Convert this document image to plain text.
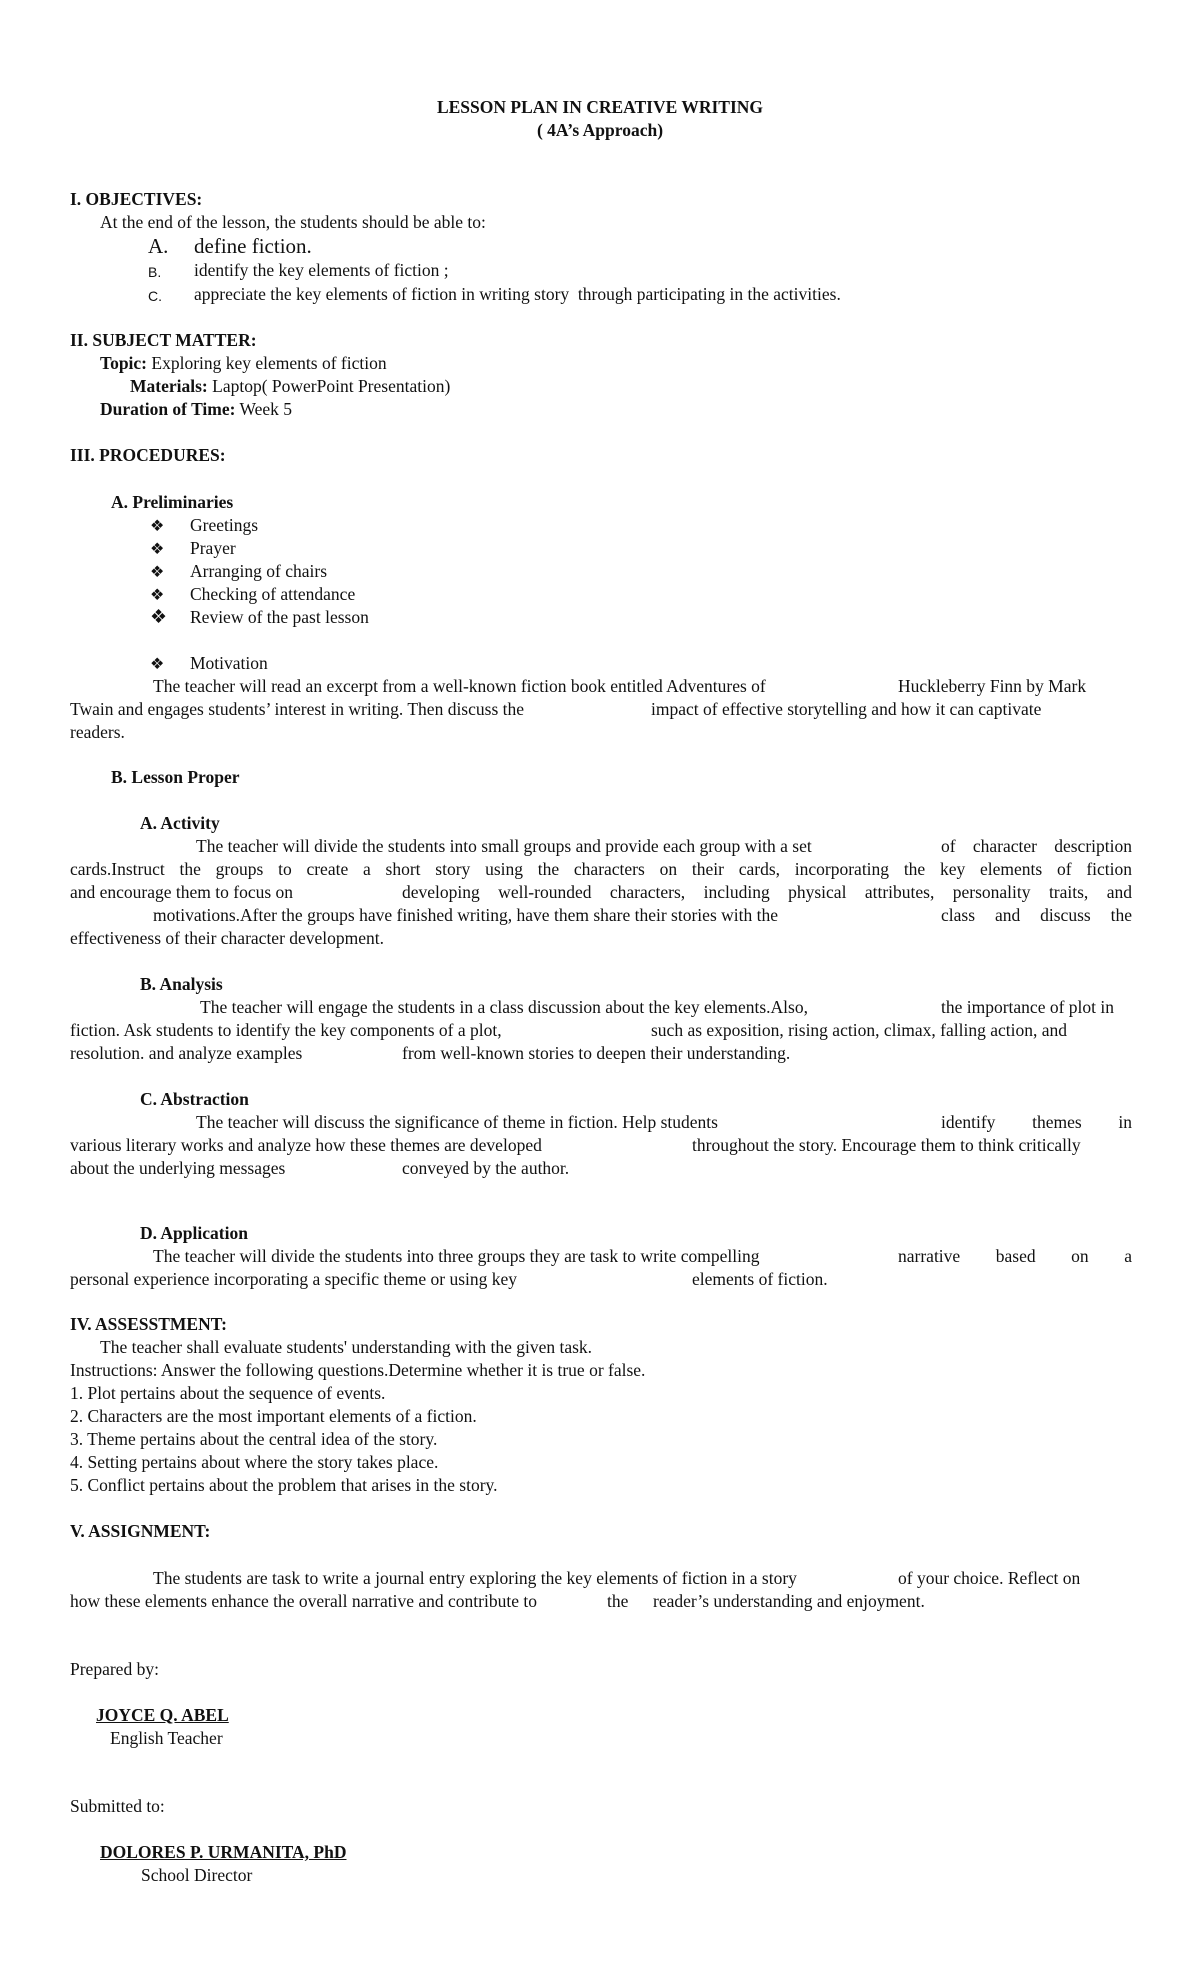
LESSON PLAN IN CREATIVE WRITING
( 4A’s Approach)
I. OBJECTIVES:
At the end of the lesson, the students should be able to:
A. define fiction.
B. identify the key elements of fiction ;
C. appreciate the key elements of fiction in writing story  through participating in the activities.
II. SUBJECT MATTER:
Topic: Exploring key elements of fiction
Materials: Laptop( PowerPoint Presentation)
Duration of Time: Week 5
III. PROCEDURES:
A. Preliminaries
❖ Greetings
❖ Prayer
❖ Arranging of chairs
❖ Checking of attendance
❖ Review of the past lesson
❖ Motivation
The teacher will read an excerpt from a well-known fiction book entitled Adventures of	Huckleberry Finn by Mark
Twain and engages students’ interest in writing. Then discuss the	impact of effective storytelling and how it can captivate
readers.
B. Lesson Proper
A. Activity
The teacher will divide the students into small groups and provide each group with a set	of character description
cards.Instruct the groups to create a short story using the characters on their cards, incorporating the key elements of fiction
and encourage them to focus on	developing well-rounded characters, including physical attributes, personality traits, and
motivations.After the groups have finished writing, have them share their stories with the	class and discuss the
effectiveness of their character development.
B. Analysis
The teacher will engage the students in a class discussion about the key elements.Also,	the importance of plot in
fiction. Ask students to identify the key components of a plot,	such as exposition, rising action, climax, falling action, and
resolution. and analyze examples	from well-known stories to deepen their understanding.
C. Abstraction
The teacher will discuss the significance of theme in fiction. Help students	identify themes in
various literary works and analyze how these themes are developed	throughout the story. Encourage them to think critically
about the underlying messages	conveyed by the author.
D. Application
The teacher will divide the students into three groups they are task to write compelling	narrative based on a
personal experience incorporating a specific theme or using key	elements of fiction.
IV. ASSESSTMENT:
The teacher shall evaluate students' understanding with the given task.
Instructions: Answer the following questions.Determine whether it is true or false.
1. Plot pertains about the sequence of events.
2. Characters are the most important elements of a fiction.
3. Theme pertains about the central idea of the story.
4. Setting pertains about where the story takes place.
5. Conflict pertains about the problem that arises in the story.
V. ASSIGNMENT:
The students are task to write a journal entry exploring the key elements of fiction in a story	of your choice. Reflect on
how these elements enhance the overall narrative and contribute to	the reader’s understanding and enjoyment.
Prepared by:
JOYCE Q. ABEL
English Teacher
Submitted to:
DOLORES P. URMANITA, PhD
School Director
